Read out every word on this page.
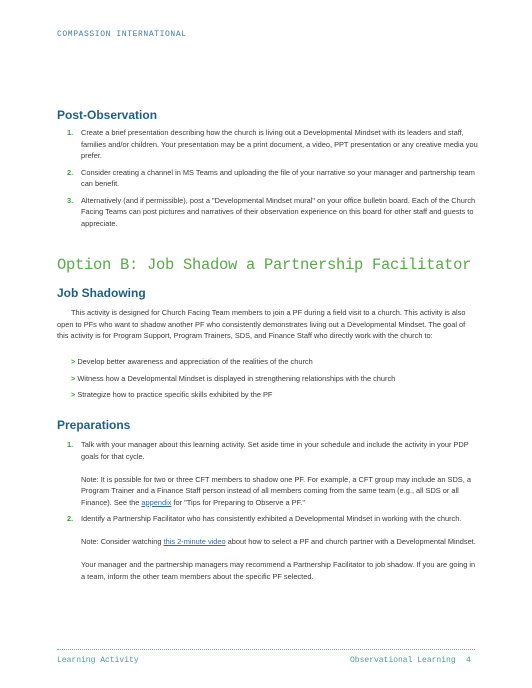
COMPASSION INTERNATIONAL
Post-Observation
1. Create a brief presentation describing how the church is living out a Developmental Mindset with its leaders and staff, families and/or children. Your presentation may be a print document, a video, PPT presentation or any creative media you prefer.
2. Consider creating a channel in MS Teams and uploading the file of your narrative so your manager and partnership team can benefit.
3. Alternatively (and if permissible), post a "Developmental Mindset mural" on your office bulletin board. Each of the Church Facing Teams can post pictures and narratives of their observation experience on this board for other staff and guests to appreciate.
Option B: Job Shadow a Partnership Facilitator
Job Shadowing
This activity is designed for Church Facing Team members to join a PF during a field visit to a church. This activity is also open to PFs who want to shadow another PF who consistently demonstrates living out a Developmental Mindset. The goal of this activity is for Program Support, Program Trainers, SDS, and Finance Staff who directly work with the church to:
> Develop better awareness and appreciation of the realities of the church
> Witness how a Developmental Mindset is displayed in strengthening relationships with the church
> Strategize how to practice specific skills exhibited by the PF
Preparations
1. Talk with your manager about this learning activity. Set aside time in your schedule and include the activity in your PDP goals for that cycle.
Note: It is possible for two or three CFT members to shadow one PF. For example, a CFT group may include an SDS, a Program Trainer and a Finance Staff person instead of all members coming from the same team (e.g., all SDS or all Finance). See the appendix for "Tips for Preparing to Observe a PF."
2. Identify a Partnership Facilitator who has consistently exhibited a Developmental Mindset in working with the church.
Note: Consider watching this 2-minute video about how to select a PF and church partner with a Developmental Mindset.
Your manager and the partnership managers may recommend a Partnership Facilitator to job shadow. If you are going in a team, inform the other team members about the specific PF selected.
Learning Activity	Observational Learning 4
